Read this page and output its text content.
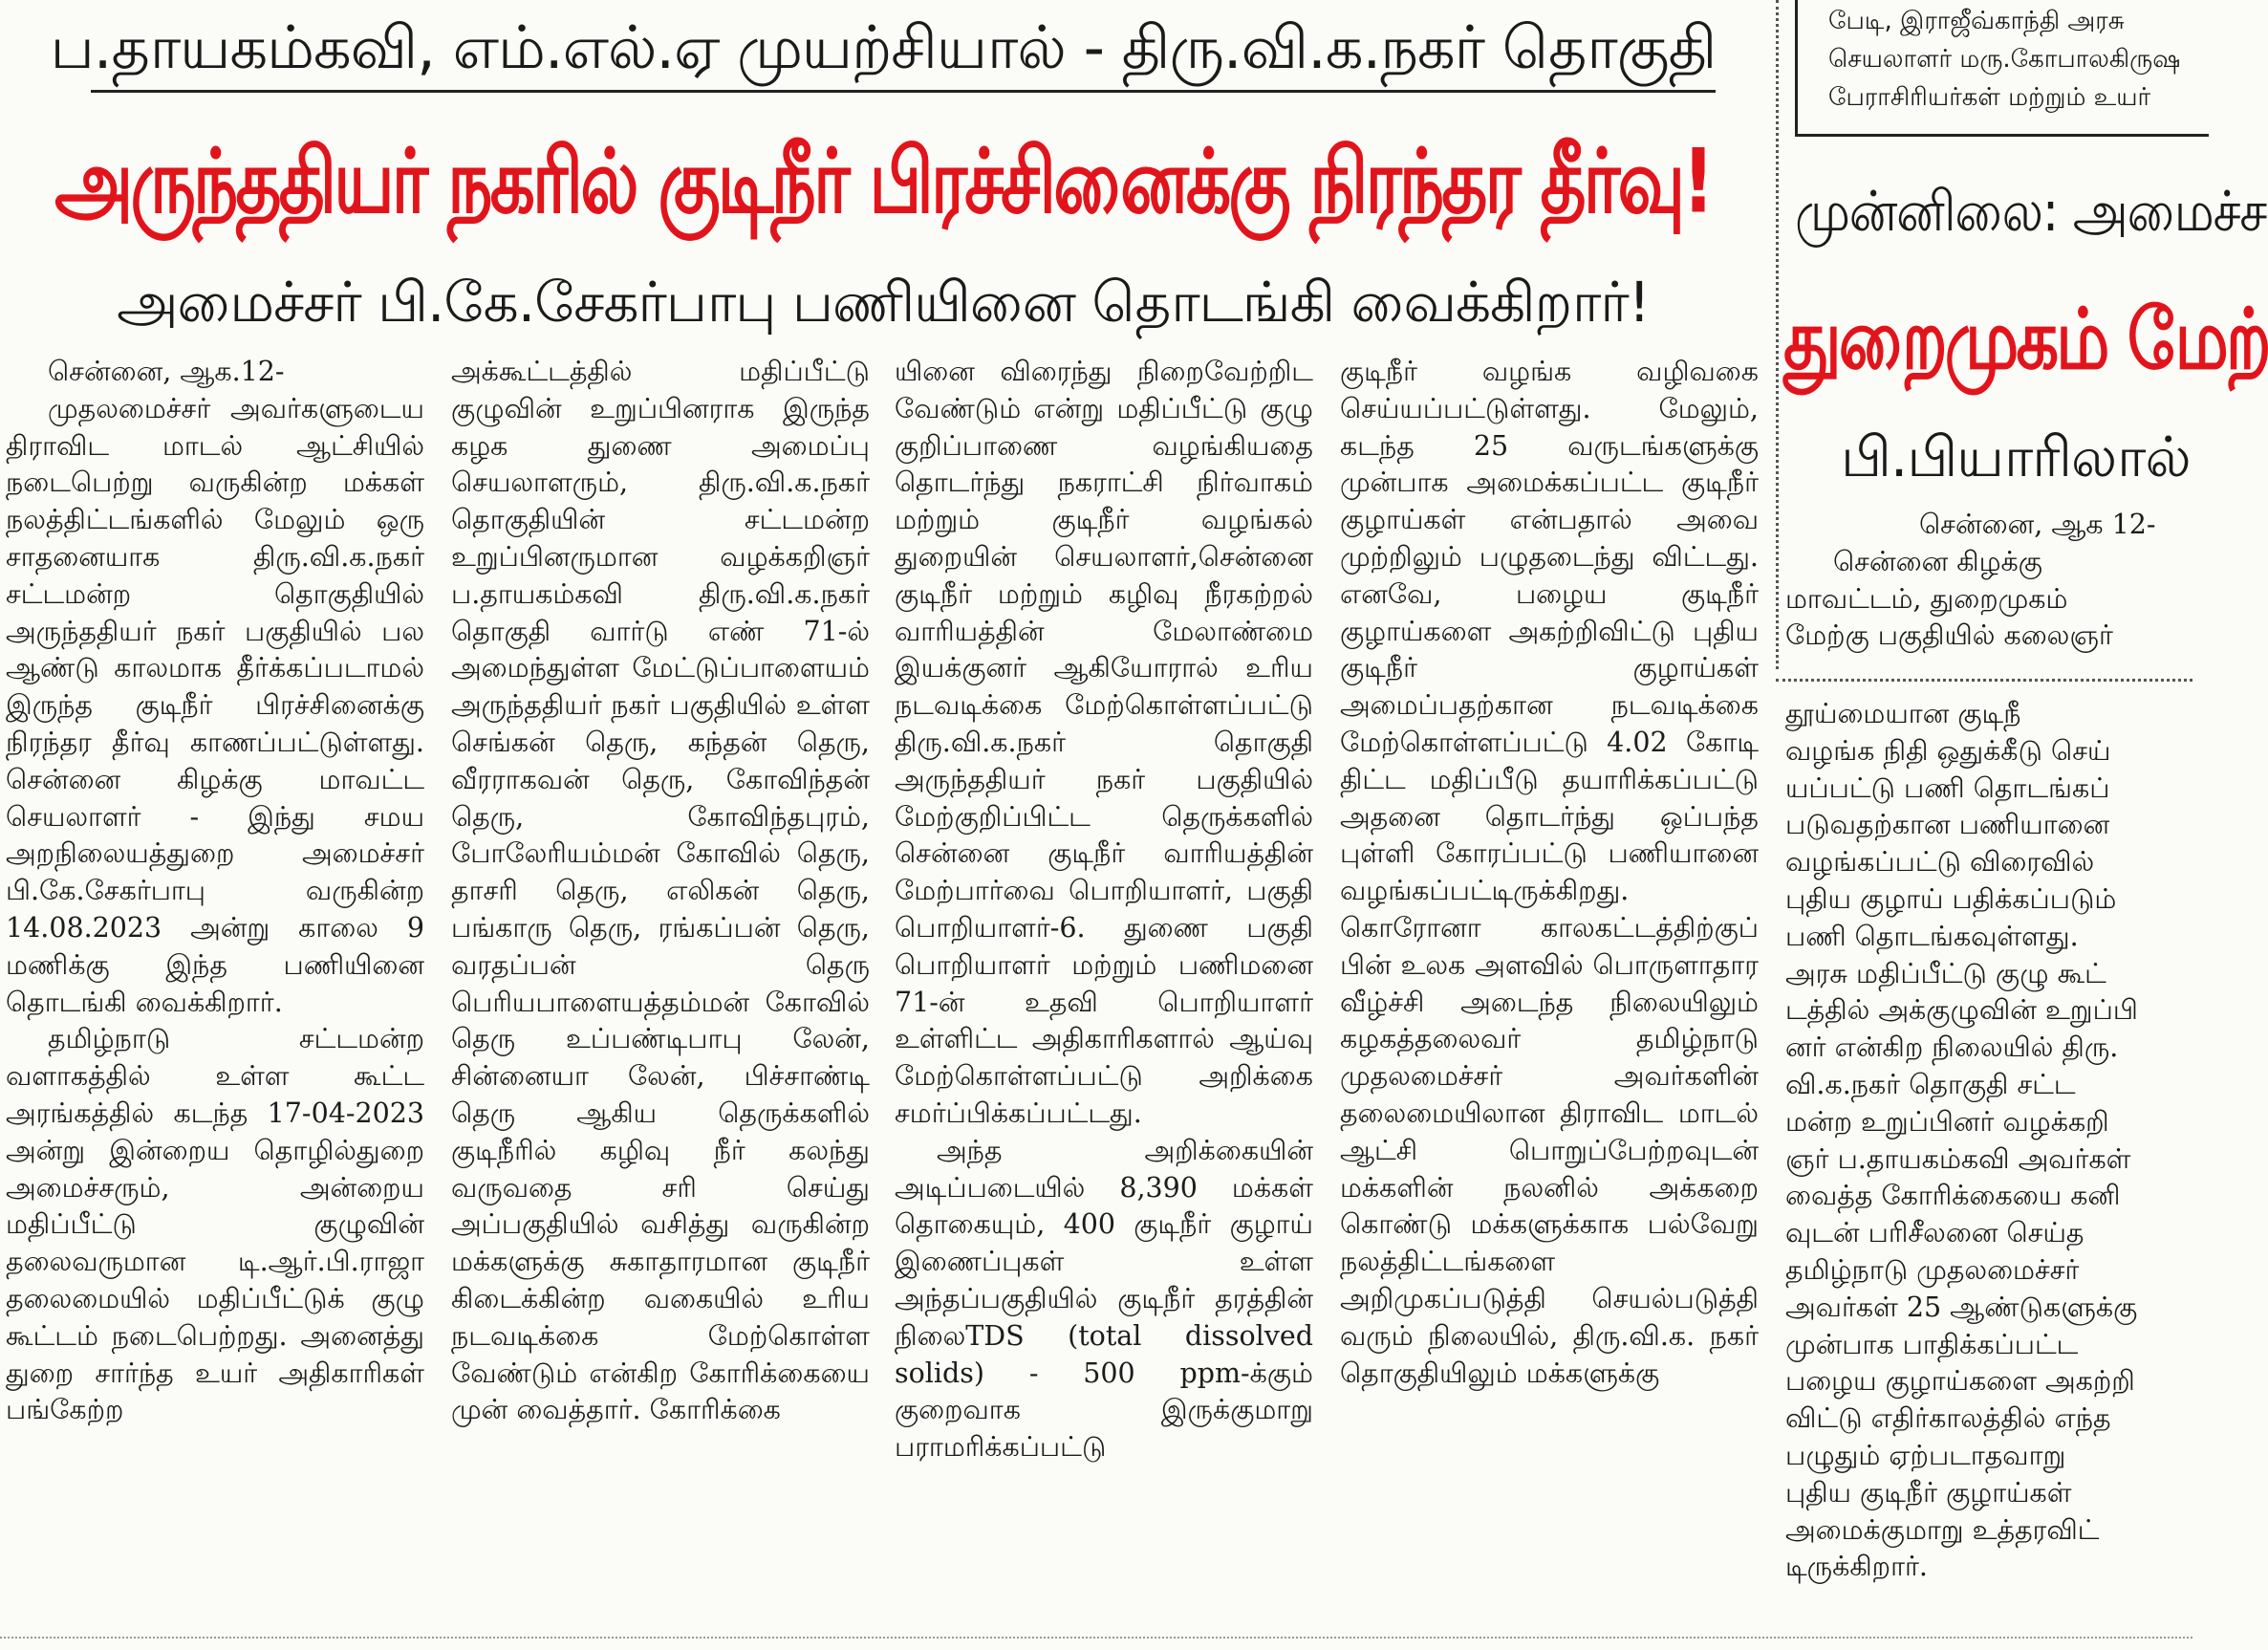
ப.தாயகம்கவி, எம்.எல்.ஏ முயற்சியால் - திரு.வி.க.நகர் தொகுதி
அருந்ததியர் நகரில் குடிநீர் பிரச்சினைக்கு நிரந்தர தீர்வு!
அமைச்சர் பி.கே.சேகர்பாபு பணியினை தொடங்கி வைக்கிறார்!

சென்னை, ஆக.12-

முதலமைச்சர் அவர்களுடைய திராவிட மாடல் ஆட்சியில் நடைபெற்று வருகின்ற மக்கள் நலத்திட்டங்களில் மேலும் ஒரு சாதனையாக திரு.வி.க.நகர் சட்டமன்ற தொகுதியில் அருந்ததியர் நகர் பகுதியில் பல ஆண்டு காலமாக தீர்க்கப்படாமல் இருந்த குடிநீர் பிரச்சினைக்கு நிரந்தர தீர்வு காணப்பட்டுள்ளது. சென்னை கிழக்கு மாவட்ட செயலாளர் - இந்து சமய அறநிலையத்துறை அமைச்சர் பி.கே.சேகர்பாபு வருகின்ற 14.08.2023 அன்று காலை 9 மணிக்கு இந்த பணியினை தொடங்கி வைக்கிறார்.

தமிழ்நாடு சட்டமன்ற வளாகத்தில் உள்ள கூட்ட அரங்கத்தில் கடந்த 17-04-2023 அன்று இன்றைய தொழில்துறை அமைச்சரும், அன்றைய மதிப்பீட்டு குழுவின் தலைவருமான டி.ஆர்.பி.ராஜா தலைமையில் மதிப்பீட்டுக் குழு கூட்டம் நடைபெற்றது. அனைத்து துறை சார்ந்த உயர் அதிகாரிகள் பங்கேற்ற

அக்கூட்டத்தில் மதிப்பீட்டு குழுவின் உறுப்பினராக இருந்த கழக துணை அமைப்பு செயலாளரும், திரு.வி.க.நகர் தொகுதியின் சட்டமன்ற உறுப்பினருமான வழக்கறிஞர் ப.தாயகம்கவி திரு.வி.க.நகர் தொகுதி வார்டு எண் 71-ல் அமைந்துள்ள மேட்டுப்பாளையம் அருந்ததியர் நகர் பகுதியில் உள்ள செங்கன் தெரு, கந்தன் தெரு, வீரராகவன் தெரு, கோவிந்தன் தெரு, கோவிந்தபுரம், போலேரியம்மன் கோவில் தெரு, தாசரி தெரு, எலிகன் தெரு, பங்காரு தெரு, ரங்கப்பன் தெரு, வரதப்பன் தெரு பெரியபாளையத்தம்மன் கோவில் தெரு உப்பண்டிபாபு லேன், சின்னையா லேன், பிச்சாண்டி தெரு ஆகிய தெருக்களில் குடிநீரில் கழிவு நீர் கலந்து வருவதை சரி செய்து அப்பகுதியில் வசித்து வருகின்ற மக்களுக்கு சுகாதாரமான குடிநீர் கிடைக்கின்ற வகையில் உரிய நடவடிக்கை மேற்கொள்ள வேண்டும் என்கிற கோரிக்கையை முன் வைத்தார். கோரிக்கை

யினை விரைந்து நிறைவேற்றிட வேண்டும் என்று மதிப்பீட்டு குழு குறிப்பாணை வழங்கியதை தொடர்ந்து நகராட்சி நிர்வாகம் மற்றும் குடிநீர் வழங்கல் துறையின் செயலாளர்,சென்னை குடிநீர் மற்றும் கழிவு நீரகற்றல் வாரியத்தின் மேலாண்மை இயக்குனர் ஆகியோரால் உரிய நடவடிக்கை மேற்கொள்ளப்பட்டு திரு.வி.க.நகர் தொகுதி அருந்ததியர் நகர் பகுதியில் மேற்குறிப்பிட்ட தெருக்களில் சென்னை குடிநீர் வாரியத்தின் மேற்பார்வை பொறியாளர், பகுதி பொறியாளர்-6. துணை பகுதி பொறியாளர் மற்றும் பணிமனை 71-ன் உதவி பொறியாளர் உள்ளிட்ட அதிகாரிகளால் ஆய்வு மேற்கொள்ளப்பட்டு அறிக்கை சமர்ப்பிக்கப்பட்டது.

அந்த அறிக்கையின் அடிப்படையில் 8,390 மக்கள் தொகையும், 400 குடிநீர் குழாய் இணைப்புகள் உள்ள அந்தப்பகுதியில் குடிநீர் தரத்தின் நிலைTDS (total dissolved solids) - 500 ppm-க்கும் குறைவாக இருக்குமாறு பராமரிக்கப்பட்டு

குடிநீர் வழங்க வழிவகை செய்யப்பட்டுள்ளது. மேலும், கடந்த 25 வருடங்களுக்கு முன்பாக அமைக்கப்பட்ட குடிநீர் குழாய்கள் என்பதால் அவை முற்றிலும் பழுதடைந்து விட்டது. எனவே, பழைய குடிநீர் குழாய்களை அகற்றிவிட்டு புதிய குடிநீர் குழாய்கள் அமைப்பதற்கான நடவடிக்கை மேற்கொள்ளப்பட்டு 4.02 கோடி திட்ட மதிப்பீடு தயாரிக்கப்பட்டு அதனை தொடர்ந்து ஒப்பந்த புள்ளி கோரப்பட்டு பணியானை வழங்கப்பட்டிருக்கிறது. கொரோனா காலகட்டத்திற்குப் பின் உலக அளவில் பொருளாதார வீழ்ச்சி அடைந்த நிலையிலும் கழகத்தலைவர் தமிழ்நாடு முதலமைச்சர் அவர்களின் தலைமையிலான திராவிட மாடல் ஆட்சி பொறுப்பேற்றவுடன் மக்களின் நலனில் அக்கறை கொண்டு மக்களுக்காக பல்வேறு நலத்திட்டங்களை அறிமுகப்படுத்தி செயல்படுத்தி வரும் நிலையில், திரு.வி.க. நகர் தொகுதியிலும் மக்களுக்கு

பேடி, இராஜீவ்காந்தி அரசு

செயலாளர் மரு.கோபாலகிருஷ

பேராசிரியர்கள் மற்றும் உயர்

முன்னிலை: அமைச்ச
துறைமுகம் மேற்
பி.பியாரிலால்

சென்னை, ஆக 12-

சென்னை கிழக்கு

மாவட்டம், துறைமுகம்

மேற்கு பகுதியில் கலைஞர்

தூய்மையான குடிநீ

வழங்க நிதி ஒதுக்கீடு செய்

யப்பட்டு பணி தொடங்கப்

படுவதற்கான பணியானை

வழங்கப்பட்டு விரைவில்

புதிய குழாய் பதிக்கப்படும்

பணி தொடங்கவுள்ளது.

அரசு மதிப்பீட்டு குழு கூட்

டத்தில் அக்குழுவின் உறுப்பி

னர் என்கிற நிலையில் திரு.

வி.க.நகர் தொகுதி சட்ட

மன்ற உறுப்பினர் வழக்கறி

ஞர் ப.தாயகம்கவி அவர்கள்

வைத்த கோரிக்கையை கனி

வுடன் பரிசீலனை செய்த

தமிழ்நாடு முதலமைச்சர்

அவர்கள் 25 ஆண்டுகளுக்கு

முன்பாக பாதிக்கப்பட்ட

பழைய குழாய்களை அகற்றி

விட்டு எதிர்காலத்தில் எந்த

பழுதும் ஏற்படாதவாறு

புதிய குடிநீர் குழாய்கள்

அமைக்குமாறு உத்தரவிட்

டிருக்கிறார்.
